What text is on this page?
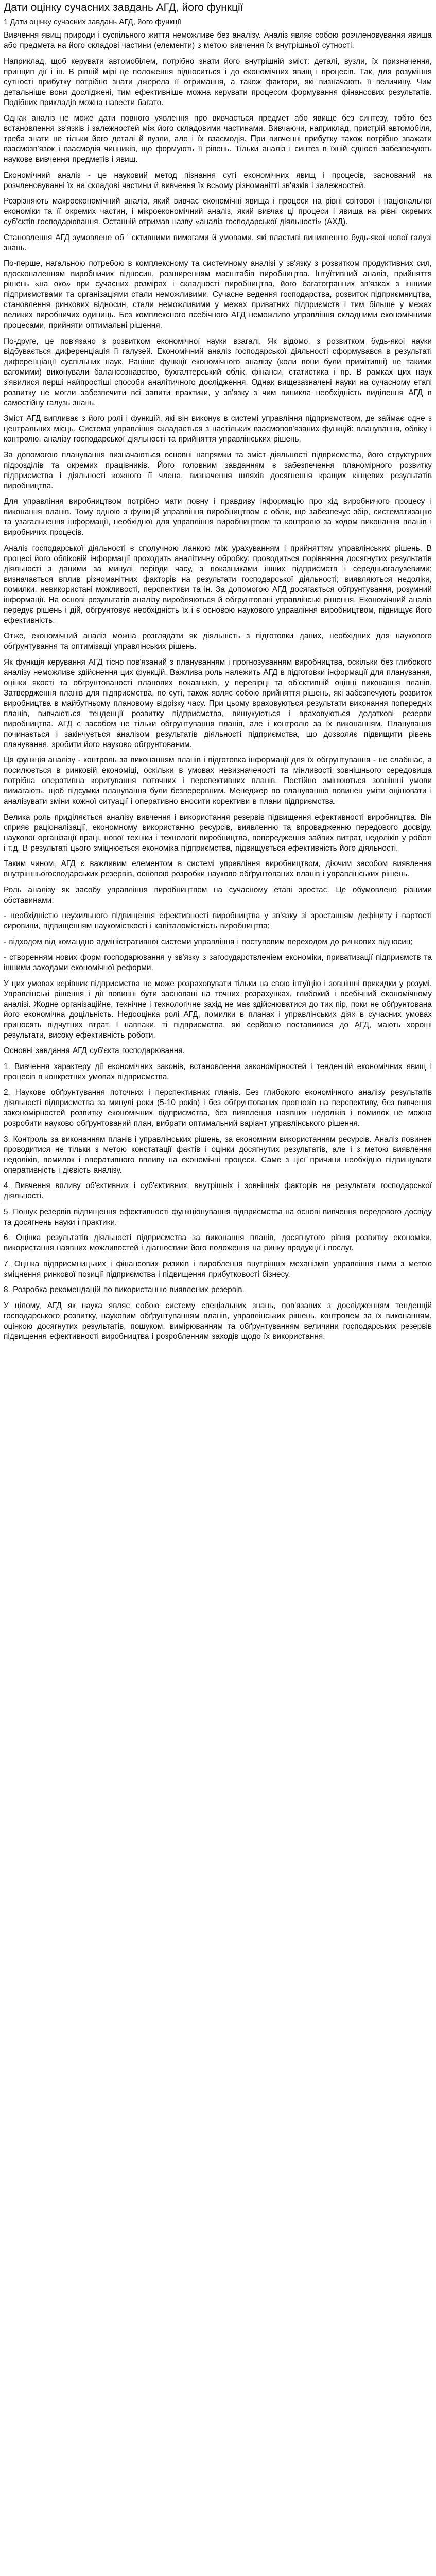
Дати оцінку сучасних завдань АГД, його функції
1 Дати оцінку сучасних завдань АГД, його функції

Вивчення явищ природи і суспільного життя неможливе без аналізу. Аналіз являє собою розчленовування явища або предмета на його складові частини (елементи) з метою вивчення їх внутрішньої сутності.

Наприклад, щоб керувати автомобілем, потрібно знати його внутрішній зміст: деталі, вузли, їх призначення, принцип дії і ін. В рівній мірі це положення відноситься і до економічних явищ і процесів. Так, для розуміння сутності прибутку потрібно знати джерела її отримання, а також фактори, які визначають її величину. Чим детальніше вони досліджені, тим ефективніше можна керувати процесом формування фінансових результатів. Подібних прикладів можна навести багато.

Однак аналіз не може дати повного уявлення про вивчається предмет або явище без синтезу, тобто без встановлення зв'язків і залежностей між його складовими частинами. Вивчаючи, наприклад, пристрій автомобіля, треба знати не тільки його деталі й вузли, але і їх взаємодія. При вивченні прибутку також потрібно зважати взаємозв'язок і взаємодія чинників, що формують її рівень. Тільки аналіз і синтез в їхній єдності забезпечують наукове вивчення предметів і явищ.

Економічний аналіз - це науковий метод пізнання суті економічних явищ і процесів, заснований на розчленовуванні їх на складові частини й вивчення їх всьому різноманітті зв'язків і залежностей.

Розрізняють макроекономічний аналіз, який вивчає економічні явища і процеси на рівні світової і національної економіки та її окремих частин, і мікроекономічний аналіз, який вивчає ці процеси і явища на рівні окремих суб'єктів господарювання. Останній отримав назву «аналіз господарської діяльності» (АХД).

Становлення АГД зумовлене об ' єктивними вимогами й умовами, які властиві виникненню будь-якої нової галузі знань.

По-перше, нагальною потребою в комплексному та системному аналізі у зв'язку з розвитком продуктивних сил, вдосконаленням виробничих відносин, розширенням масштабів виробництва. Інтуїтивний аналіз, прийняття рішень «на око» при сучасних розмірах і складності виробництва, його багатогранних зв'язках з іншими підприємствами та організаціями стали неможливими. Сучасне ведення господарства, розвиток підприємництва, становлення ринкових відносин, стали неможливими у межах приватних підприємств і тим більше у межах великих виробничих одиниць. Без комплексного всебічного АГД неможливо управління складними економічними процесами, прийняти оптимальні рішення.

По-друге, це пов'язано з розвитком економічної науки взагалі. Як відомо, з розвитком будь-якої науки відбувається диференціація її галузей. Економічний аналіз господарської діяльності сформувався в результаті диференціації суспільних наук. Раніше функції економічного аналізу (коли вони були примітивні) не такими вагомими) виконували балансознавство, бухгалтерський облік, фінанси, статистика і пр. В рамках цих наук з'явилися перші найпростіші способи аналітичного дослідження. Однак вищезазначені науки на сучасному етапі розвитку не могли забезпечити всі запити практики, у зв'язку з чим виникла необхідність виділення АГД в самостійну галузь знань.

Зміст АГД випливає з його ролі і функцій, які він виконує в системі управління підприємством, де займає одне з центральних місць. Система управління складається з настільких взаємопов'язаних функцій: планування, обліку і контролю, аналізу господарської діяльності та прийняття управлінських рішень.

За допомогою планування визначаються основні напрямки та зміст діяльності підприємства, його структурних підрозділів та окремих працівників. Його головним завданням є забезпечення планомірного розвитку підприємства і діяльності кожного її члена, визначення шляхів досягнення кращих кінцевих результатів виробництва.

Для управління виробництвом потрібно мати повну і правдиву інформацію про хід виробничого процесу і виконання планів. Тому одною з функцій управління виробництвом є облік, що забезпечує збір, систематизацію та узагальнення інформації, необхідної для управління виробництвом та контролю за ходом виконання планів і виробничих процесів.

Аналіз господарської діяльності є сполучною ланкою між урахуванням і прийняттям управлінських рішень. В процесі його обліковій інформації проходить аналітичну обробку: проводиться порівняння досягнутих результатів діяльності з даними за минулі періоди часу, з показниками інших підприємств і середньогалузевими; визначається вплив різноманітних факторів на результати господарської діяльності; виявляються недоліки, помилки, невикористані можливості, перспективи та ін. За допомогою АГД досягається обгрунтування, розумний інформації. На основі результатів аналізу виробляються й обгрунтовані управлінські рішення. Економічний аналіз передує рішень і дій, обгрунтовує необхідність їх і є основою наукового управління виробництвом, піднищує його ефективність.

Отже, економічний аналіз можна розглядати як діяльність з підготовки даних, необхідних для наукового обґрунтування та оптимізації управлінських рішень.

Як функція керування АГД тісно пов'язаний з плануванням і прогнозуванням виробництва, оскільки без глибокого аналізу неможливе здійснення цих функцій. Важлива роль належить АГД в підготовки інформації для планування, оцінки якості та обгрунтованості планових показників, у перевірці та об'єктивній оцінці виконання планів. Затвердження планів для підприємства, по суті, також являє собою прийняття рішень, які забезпечують розвиток виробництва в майбутньому плановому відрізку часу. При цьому враховуються результати виконання попередніх планів, вивчаються тенденції розвитку підприємства, вишукуються і враховуються додаткові резерви виробництва. АГД є засобом не тільки обгрунтування планів, але і контролю за їх виконанням. Планування починається і закінчується аналізом результатів діяльності підприємства, що дозволяє підвищити рівень планування, зробити його науково обгрунтованим.

Ця функція аналізу - контроль за виконанням планів і підготовка інформації для їх обгрунтування - не слабшає, а посилюється в ринковій економіці, оскільки в умовах невизначеності та мінливості зовнішнього середовища потрібна оперативна коригування поточних і перспективних планів. Постійно змінюються зовнішні умови вимагають, щоб підсумки планування були безперервним. Менеджер по плануванню повинен уміти оцінювати і аналізувати зміни кожної ситуації і оперативно вносити корективи в плани підприємства.

Велика роль приділяється аналізу вивчення і використання резервів підвищення ефективності виробництва. Він сприяє раціоналізації, економному використанню ресурсів, виявленню та впровадженню передового досвіду, наукової організації праці, нової техніки і технології виробництва, попередження зайвих витрат, недоліків у роботі і т.д. В результаті цього зміцнюється економіка підприємства, підвищується ефективність його діяльності.

Таким чином, АГД є важливим елементом в системі управління виробництвом, діючим засобом виявлення внутрішньогосподарських резервів, основою розробки науково обґрунтованих планів і управлінських рішень.

Роль аналізу як засобу управління виробництвом на сучасному етапі зростає. Це обумовлено різними обставинами:

- необхідністю неухильного підвищення ефективності виробництва у зв'язку зі зростанням дефіциту і вартості сировини, підвищенням наукомісткості і капіталомісткість виробництва;

- відходом від командно адміністративної системи управління і поступовим переходом до ринкових відносин;

- створенням нових форм господарювання у зв'язку з загосударствленіем економіки, приватизації підприємств та іншими заходами економічної реформи.

У цих умовах керівник підприємства не може розраховувати тільки на свою інтуїцію і зовнішні прикидки у розумі. Управлінські рішення і дії повинні бути засновані на точних розрахунках, глибокий і всебічний економічному аналізі. Жодне організаційне, технічне і технологічне захід не має здійснюватися до тих пір, поки не обґрунтована його економічна доцільність. Недооцінка ролі АГД, помилки в планах і управлінських діях в сучасних умовах приносять відчутних втрат. І навпаки, ті підприємства, які серйозно поставилися до АГД, мають хороші результати, високу ефективність роботи.

Основні завдання АГД суб'єкта господарювання.

1. Вивчення характеру дії економічних законів, встановлення закономірностей і тенденцій економічних явищ і процесів в конкретних умовах підприємства.

2. Наукове обґрунтування поточних і перспективних планів. Без глибокого економічного аналізу результатів діяльності підприємства за минулі роки (5-10 років) і без обґрунтованих прогнозів на перспективу, без вивчення закономірностей розвитку економічних підприємства, без виявлення наявних недоліків і помилок не можна розробити науково обґрунтований план, вибрати оптимальний варіант управлінського рішення.

3. Контроль за виконанням планів і управлінських рішень, за економним використанням ресурсів. Аналіз повинен проводитися не тільки з метою констатації фактів і оцінки досягнутих результатів, але і з метою виявлення недоліків, помилок і оперативного впливу на економічні процеси. Саме з цієї причини необхідно підвищувати оперативність і дієвість аналізу.

4. Вивчення впливу об'єктивних і суб'єктивних, внутрішніх і зовнішніх факторів на результати господарської діяльності.

5. Пошук резервів підвищення ефективності функціонування підприємства на основі вивчення передового досвіду та досягнень науки і практики.

6. Оцінка результатів діяльності підприємства за виконання планів, досягнутого рівня розвитку економіки, використання наявних можливостей і діагностики його положення на ринку продукції і послуг.

7. Оцінка підприємницьких і фінансових ризиків і вироблення внутрішніх механізмів управління ними з метою зміцнення ринкової позиції підприємства і підвищення прибутковості бізнесу.

8. Розробка рекомендацій по використанню виявлених резервів.

У цілому, АГД як наука являє собою систему спеціальних знань, пов'язаних з дослідженням тенденцій господарського розвитку, науковим обґрунтуванням планів, управлінських рішень, контролем за їх виконанням, оцінкою досягнутих результатів, пошуком, вимірюванням та обґрунтуванням величини господарських резервів підвищення ефективності виробництва і розробленням заходів щодо їх використання.
